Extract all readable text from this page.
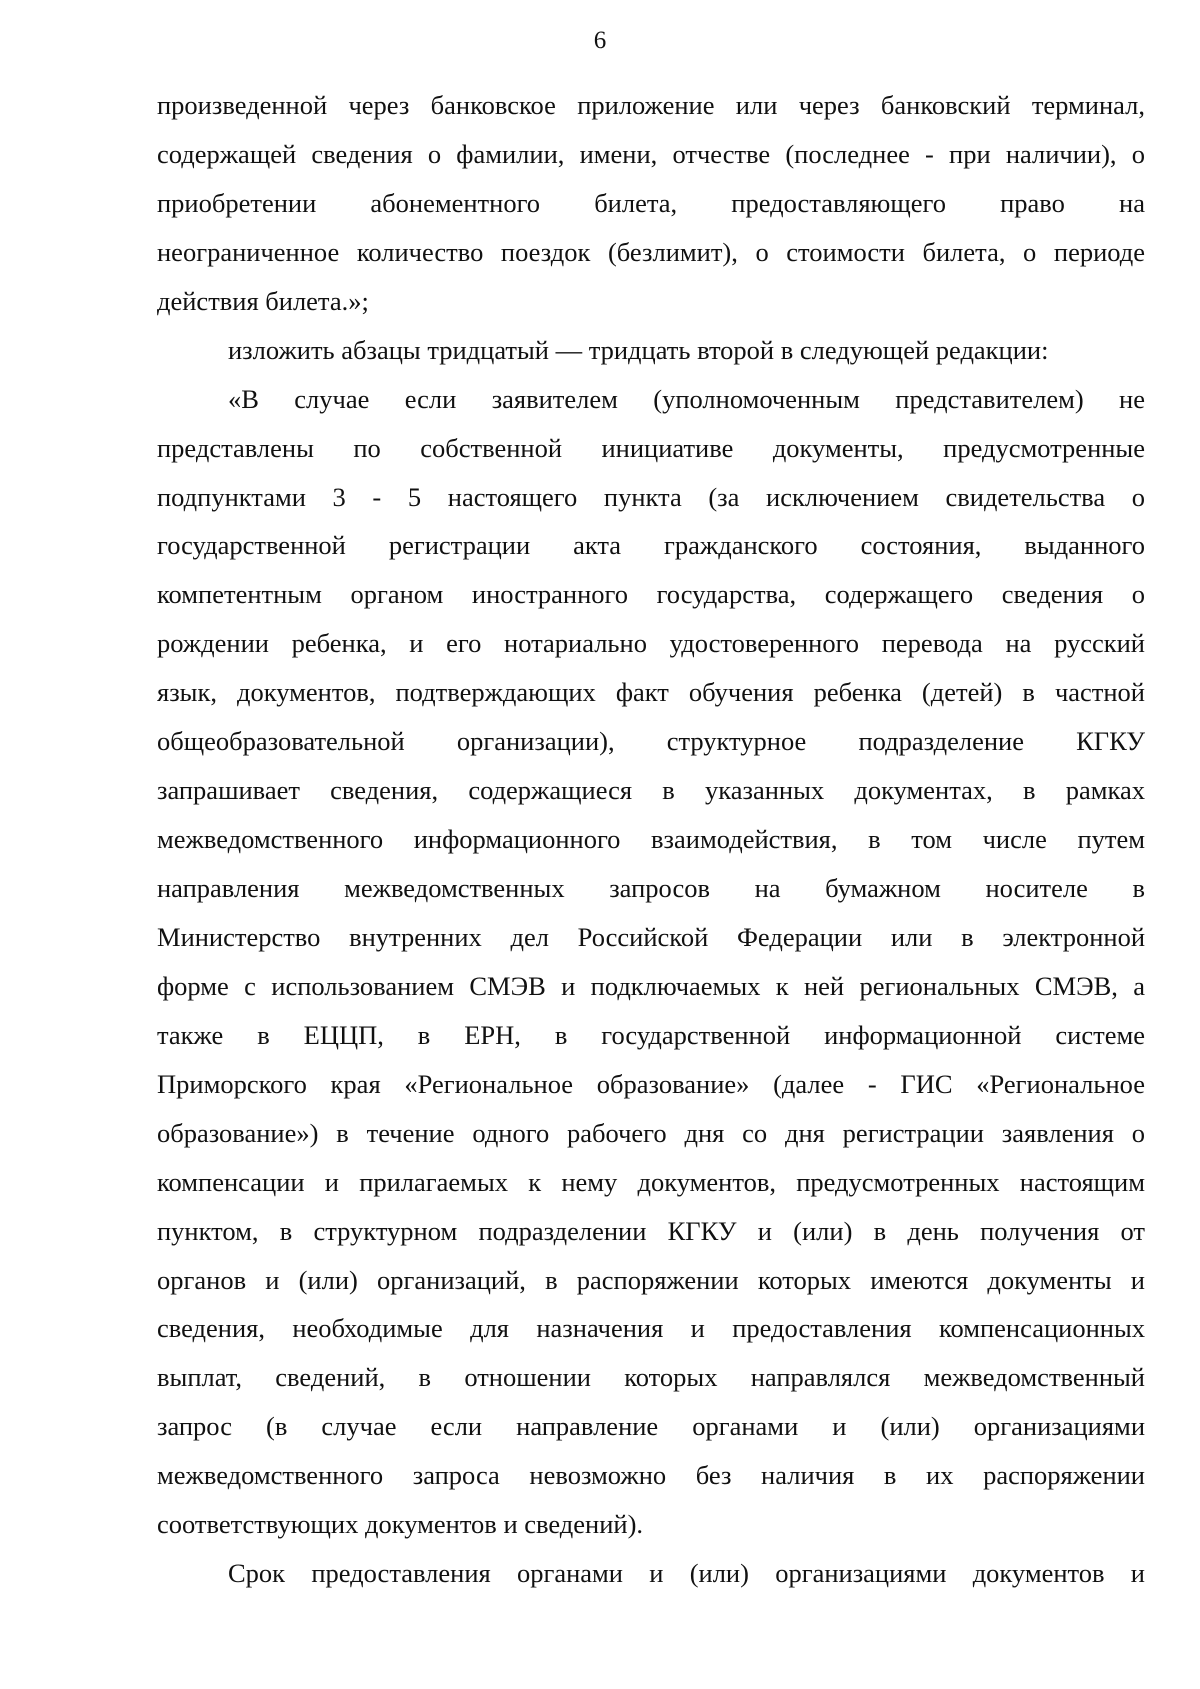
6
произведенной через банковское приложение или через банковский терминал,
содержащей сведения о фамилии, имени, отчестве (последнее - при наличии), о
приобретении абонементного билета, предоставляющего право на
неограниченное количество поездок (безлимит), о стоимости билета, о периоде
действия билета.»;
изложить абзацы тридцатый — тридцать второй в следующей редакции:
«В случае если заявителем (уполномоченным представителем) не
представлены по собственной инициативе документы, предусмотренные
подпунктами 3 - 5 настоящего пункта (за исключением свидетельства о
государственной регистрации акта гражданского состояния, выданного
компетентным органом иностранного государства, содержащего сведения о
рождении ребенка, и его нотариально удостоверенного перевода на русский
язык, документов, подтверждающих факт обучения ребенка (детей) в частной
общеобразовательной организации), структурное подразделение КГКУ
запрашивает сведения, содержащиеся в указанных документах, в рамках
межведомственного информационного взаимодействия, в том числе путем
направления межведомственных запросов на бумажном носителе в
Министерство внутренних дел Российской Федерации или в электронной
форме с использованием СМЭВ и подключаемых к ней региональных СМЭВ, а
также в ЕЦЦП, в ЕРН, в государственной информационной системе
Приморского края «Региональное образование» (далее - ГИС «Региональное
образование») в течение одного рабочего дня со дня регистрации заявления о
компенсации и прилагаемых к нему документов, предусмотренных настоящим
пунктом, в структурном подразделении КГКУ и (или) в день получения от
органов и (или) организаций, в распоряжении которых имеются документы и
сведения, необходимые для назначения и предоставления компенсационных
выплат, сведений, в отношении которых направлялся межведомственный
запрос (в случае если направление органами и (или) организациями
межведомственного запроса невозможно без наличия в их распоряжении
соответствующих документов и сведений).
Срок предоставления органами и (или) организациями документов и
